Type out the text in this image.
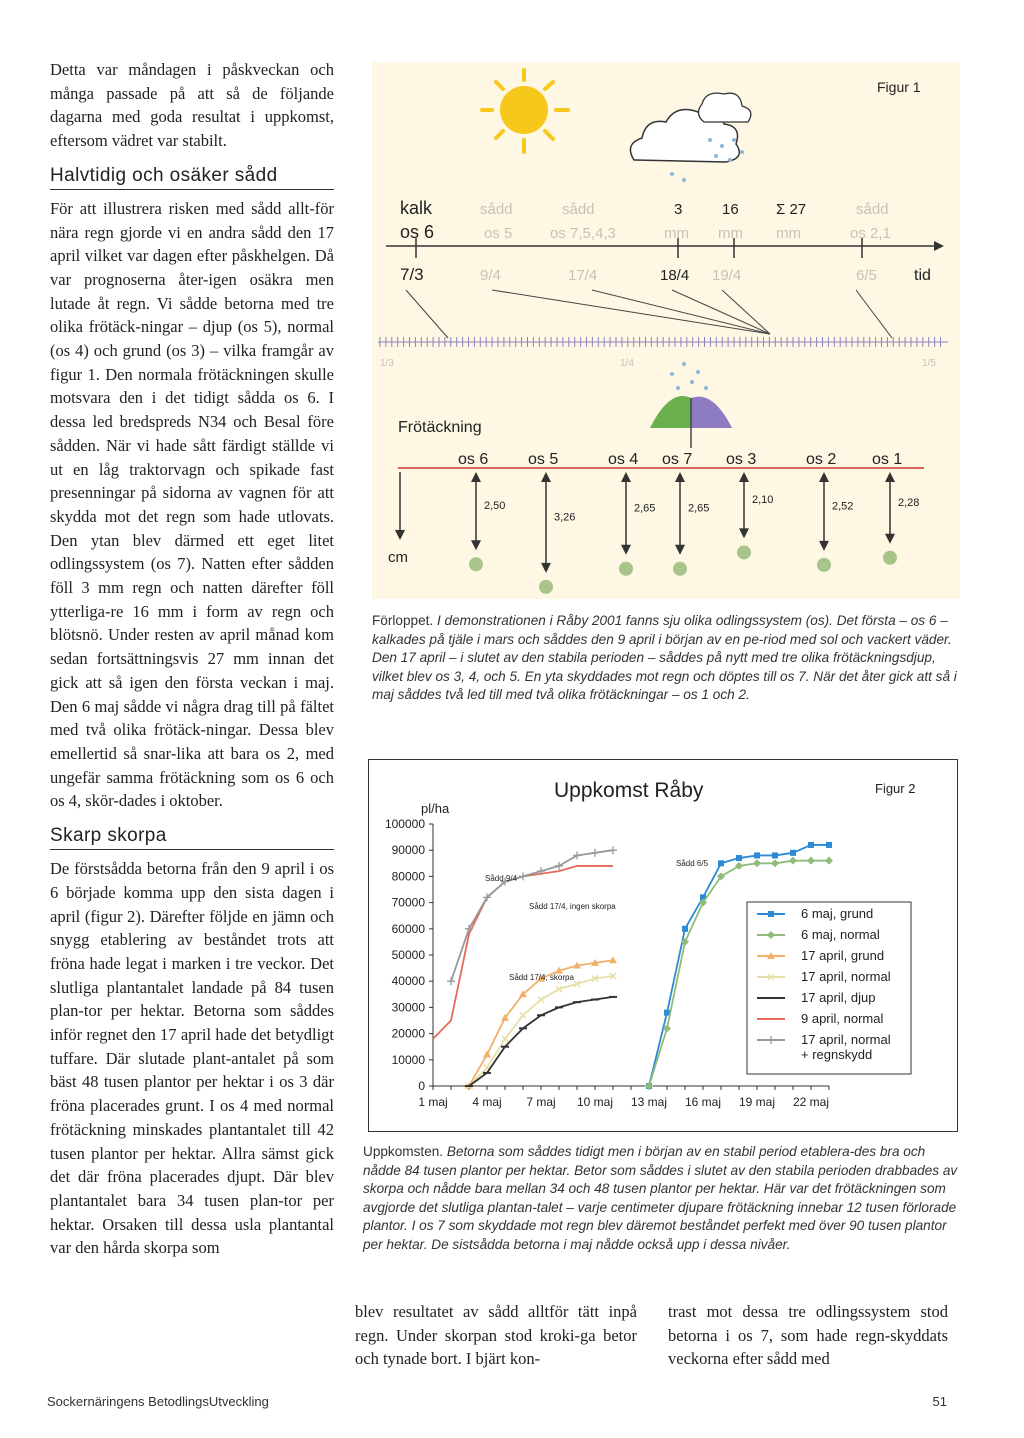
Detta var måndagen i påskveckan och många passade på att så de följande dagarna med goda resultat i uppkomst, eftersom vädret var stabilt.

Halvtidig och osäker sådd

För att illustrera risken med sådd allt-för nära regn gjorde vi en andra sådd den 17 april vilket var dagen efter påskhelgen. Då var prognoserna åter-igen osäkra men lutade åt regn. Vi sådde betorna med tre olika frötäck-ningar – djup (os 5), normal (os 4) och grund (os 3) – vilka framgår av figur 1. Den normala frötäckningen skulle motsvara den i det tidigt sådda os 6. I dessa led bredspreds N34 och Besal före sådden. När vi hade sått färdigt ställde vi ut en låg traktorvagn och spikade fast presenningar på sidorna av vagnen för att skydda mot det regn som hade utlovats. Den ytan blev därmed ett eget litet odlingssystem (os 7). Natten efter sådden föll 3 mm regn och natten därefter föll ytterliga-re 16 mm i form av regn och blötsnö. Under resten av april månad kom sedan fortsättningsvis 27 mm innan det gick att så igen den första veckan i maj. Den 6 maj sådde vi några drag till på fältet med två olika frötäck-ningar. Dessa blev emellertid så snar-lika att bara os 2, med ungefär samma frötäckning som os 6 och os 4, skör-dades i oktober.

Skarp skorpa

De förstsådda betorna från den 9 april i os 6 började komma upp den sista dagen i april (figur 2). Därefter följde en jämn och snygg etablering av beståndet trots att fröna hade legat i marken i tre veckor. Det slutliga plantantalet landade på 84 tusen plan-tor per hektar. Betorna som såddes inför regnet den 17 april hade det betydligt tuffare. Där slutade plant-antalet på som bäst 48 tusen plantor per hektar i os 3 där fröna placerades grunt. I os 4 med normal frötäckning minskades plantantalet till 42 tusen plantor per hektar. Allra sämst gick det där fröna placerades djupt. Där blev plantantalet bara 34 tusen plan-tor per hektar. Orsaken till dessa usla plantantal var den hårda skorpa som

Figur 1
kalk
os 6
sådd
os 5
sådd
os 7,5,4,3
3
mm
16
mm
Σ 27
mm
sådd
os 2,1
7/3	9/4	17/4	18/4 19/4	6/5 tid
1/3	1/4	1/5
Frötäckning
os 6
2,50
os 5
3,26
os 4
2,65
os 7
2,65
os 3
2,10
os 2
2,52
os 1
2,28
cm
Förloppet. I demonstrationen i Råby 2001 fanns sju olika odlingssystem (os). Det första – os 6 – kalkades på tjäle i mars och såddes den 9 april i början av en pe-riod med sol och vackert väder. Den 17 april – i slutet av den stabila perioden – såddes på nytt med tre olika frötäckningsdjup, vilket blev os 3, 4, och 5. En yta skyddades mot regn och döptes till os 7. När det åter gick att så i maj såddes två led till med två olika frötäckningar – os 1 och 2.
Uppkomst Råby	Figur 2
pl/ha
100000
90000
80000
70000
60000
50000
40000
30000
20000
10000
0
1 maj 4 maj 7 maj 10 maj 13 maj 16 maj 19 maj 22 maj
Sådd 9/4
Sådd 17/4, ingen skorpa
Sådd 17/4, skorpa
Sådd 6/5
6 maj, grund
6 maj, normal
17 april, grund
17 april, normal
17 april, djup
9 april, normal
17 april, normal
+ regnskydd
Uppkomsten. Betorna som såddes tidigt men i början av en stabil period etablera-des bra och nådde 84 tusen plantor per hektar. Betor som såddes i slutet av den stabila perioden drabbades av skorpa och nådde bara mellan 34 och 48 tusen plantor per hektar. Här var det frötäckningen som avgjorde det slutliga plantan-talet – varje centimeter djupare frötäckning innebar 12 tusen förlorade plantor. I os 7 som skyddade mot regn blev däremot beståndet perfekt med över 90 tusen plantor per hektar. De sistsådda betorna i maj nådde också upp i dessa nivåer.

blev resultatet av sådd alltför tätt inpå regn. Under skorpan stod kroki-ga betor och tynade bort. I bjärt kon-

trast mot dessa tre odlingssystem stod betorna i os 7, som hade regn-skyddats veckorna efter sådd med

Sockernäringens BetodlingsUtveckling	51
